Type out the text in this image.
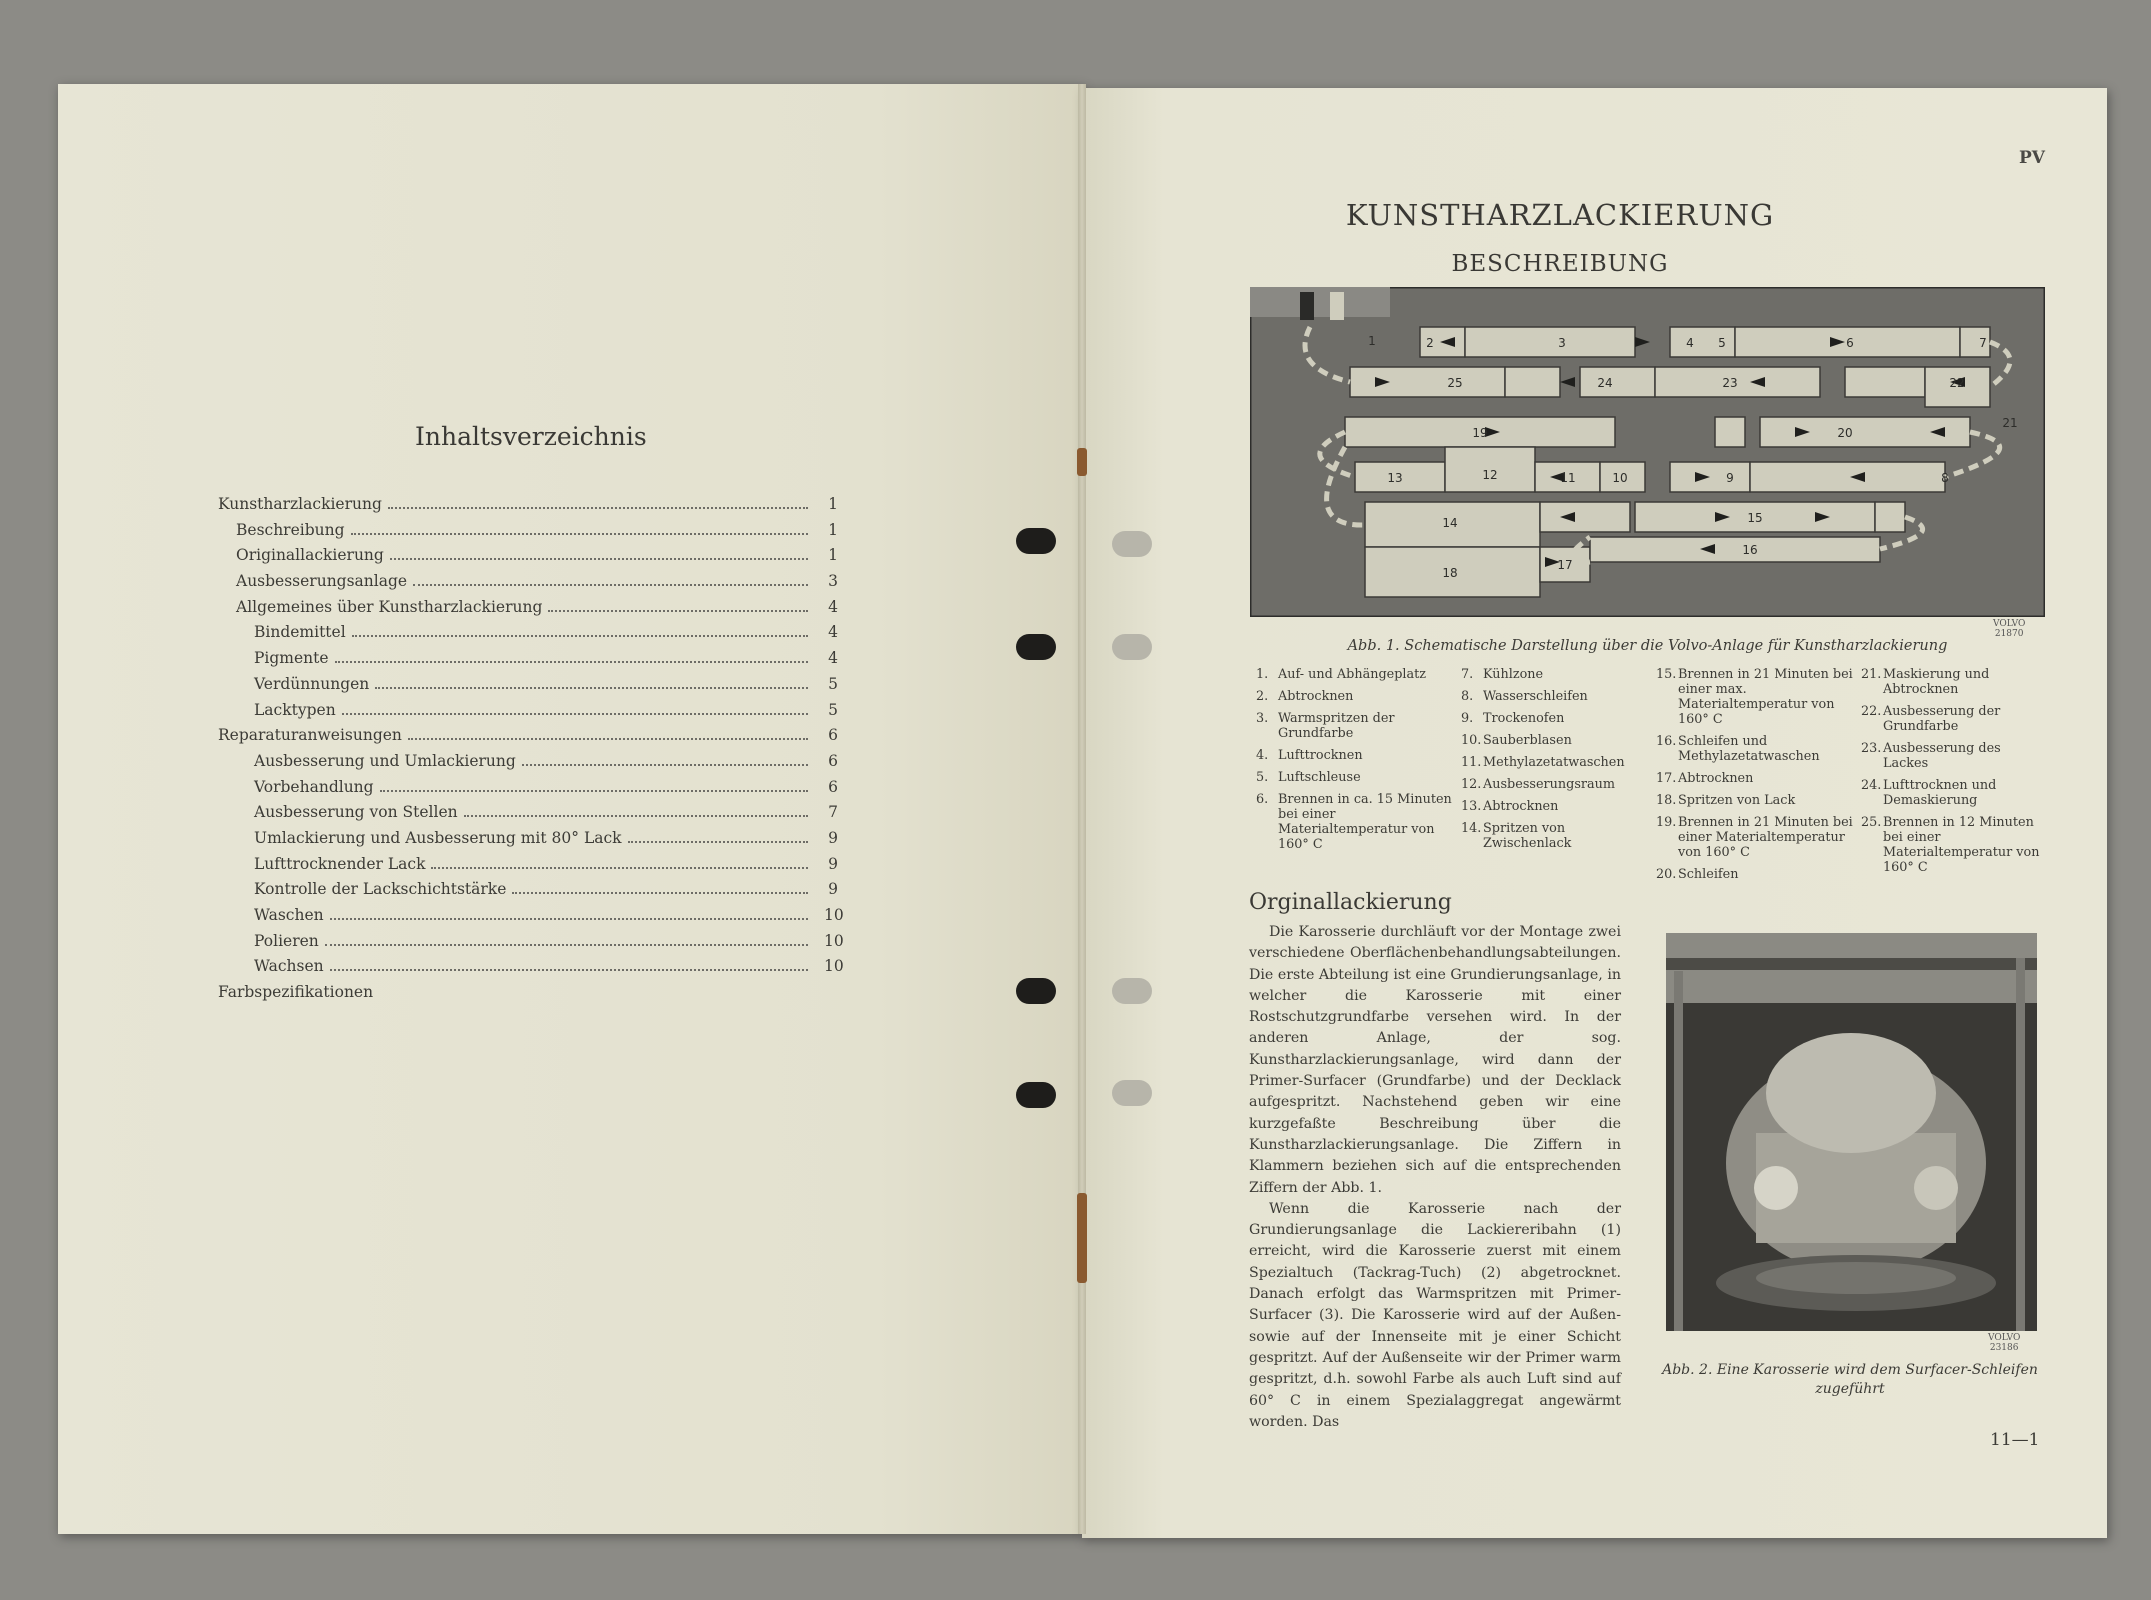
Inhaltsverzeichnis
Kunstharzlackierung	1
Beschreibung	1
Originallackierung	1
Ausbesserungsanlage	3
Allgemeines über Kunstharzlackierung	4
Bindemittel	4
Pigmente	4
Verdünnungen	5
Lacktypen	5
Reparaturanweisungen	6
Ausbesserung und Umlackierung	6
Vorbehandlung	6
Ausbesserung von Stellen	7
Umlackierung und Ausbesserung mit 80° Lack	9
Lufttrocknender Lack	9
Kontrolle der Lackschichtstärke	9
Waschen	10
Polieren	10
Wachsen	10
Farbspezifikationen
PV
KUNSTHARZLACKIERUNG
BESCHREIBUNG
1	2	3	4 5	6	7
8
9
10
11
12
13
14	15
16
17
18
19	20
21
22
23
24
25
VOLVO
21870
Abb. 1. Schematische Darstellung über die Volvo-Anlage für Kunstharzlackierung
1. Auf- und Abhängeplatz
2. Abtrocknen
3. Warmspritzen der Grundfarbe
4. Lufttrocknen
5. Luftschleuse
6. Brennen in ca. 15 Minuten bei einer Materialtemperatur von 160° C
7. Kühlzone
8. Wasserschleifen
9. Trockenofen
10. Sauberblasen
11. Methylazetatwaschen
12. Ausbesserungsraum
13. Abtrocknen
14. Spritzen von Zwischenlack
15. Brennen in 21 Minuten bei einer max. Materialtemperatur von 160° C
16. Schleifen und Methylazetatwaschen
17. Abtrocknen
18. Spritzen von Lack
19. Brennen in 21 Minuten bei einer Materialtemperatur von 160° C
20. Schleifen
21. Maskierung und Abtrocknen
22. Ausbesserung der Grundfarbe
23. Ausbesserung des Lackes
24. Lufttrocknen und Demaskierung
25. Brennen in 12 Minuten bei einer Materialtemperatur von 160° C
Orginallackierung

Die Karosserie durchläuft vor der Montage zwei verschiedene Oberflächenbehandlungsabteilungen. Die erste Abteilung ist eine Grundierungsanlage, in welcher die Karosserie mit einer Rostschutzgrundfarbe versehen wird. In der anderen Anlage, der sog. Kunstharzlackierungsanlage, wird dann der Primer-Surfacer (Grundfarbe) und der Decklack aufgespritzt. Nachstehend geben wir eine kurzgefaßte Beschreibung über die Kunstharzlackierungsanlage. Die Ziffern in Klammern beziehen sich auf die entsprechenden Ziffern der Abb. 1.

Wenn die Karosserie nach der Grundierungsanlage die Lackiereribahn (1) erreicht, wird die Karosserie zuerst mit einem Spezialtuch (Tackrag-Tuch) (2) abgetrocknet. Danach erfolgt das Warmspritzen mit Primer-Surfacer (3). Die Karosserie wird auf der Außen- sowie auf der Innenseite mit je einer Schicht gespritzt. Auf der Außenseite wir der Primer warm gespritzt, d.h. sowohl Farbe als auch Luft sind auf 60° C in einem Spezialaggregat angewärmt worden. Das

VOLVO
23186
Abb. 2. Eine Karosserie wird dem Surfacer-Schleifen zugeführt
11—1
